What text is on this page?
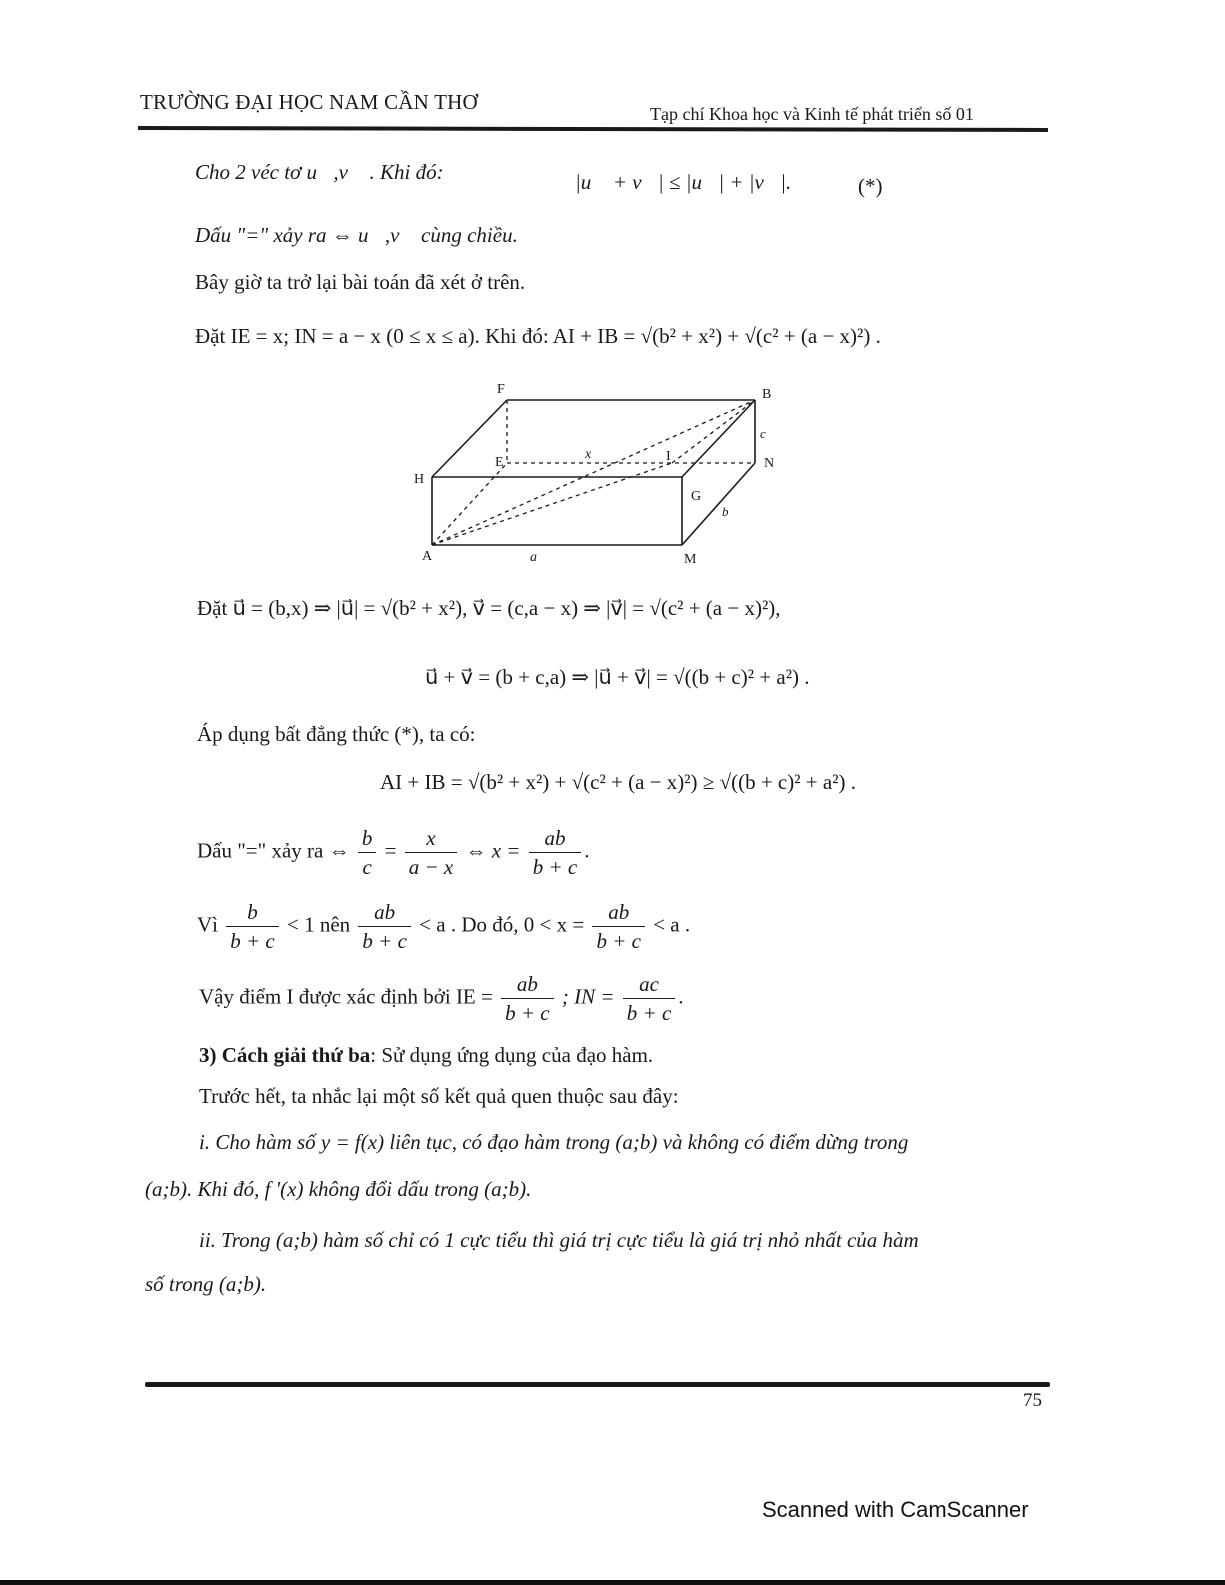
TRƯỜNG ĐẠI HỌC NAM CẦN THƠ	Tạp chí Khoa học và Kinh tế phát triển số 01
Cho 2 véc tơ u⃗,v⃗ . Khi đó:	|u⃗ + v⃗| ≤ |u⃗| + |v⃗|.	(*)
Dấu "=" xảy ra ⇔ u⃗,v⃗ cùng chiều.
Bây giờ ta trở lại bài toán đã xét ở trên.
Đặt IE = x; IN = a − x (0 ≤ x ≤ a). Khi đó: AI + IB = √(b² + x²) + √(c² + (a − x)²) .
F	B
c
E
x	I	N
H
G
b
A	a	M
Đặt u⃗ = (b,x) ⇒ |u⃗| = √(b² + x²), v⃗ = (c,a − x) ⇒ |v⃗| = √(c² + (a − x)²),
u⃗ + v⃗ = (b + c,a) ⇒ |u⃗ + v⃗| = √((b + c)² + a²) .
Áp dụng bất đẳng thức (*), ta có:
AI + IB = √(b² + x²) + √(c² + (a − x)²) ≥ √((b + c)² + a²) .
Dấu "=" xảy ra ⇔ $\frac{b}{c} = \frac{x}{a - x}$ ⇔ $x = \frac{ab}{b + c}$ .
Vì $\frac{b}{b + c} < 1$ nên $\frac{ab}{b + c} < a$ . Do đó, $0 < x = \frac{ab}{b + c} < a$ .
Vậy điểm I được xác định bởi IE = $\frac{ab}{b + c}$ ; IN = $\frac{ac}{b + c}$ .
3) Cách giải thứ ba: Sử dụng ứng dụng của đạo hàm.
Trước hết, ta nhắc lại một số kết quả quen thuộc sau đây:
i. Cho hàm số y = f(x) liên tục, có đạo hàm trong (a;b) và không có điểm dừng trong
(a;b). Khi đó, f '(x) không đổi dấu trong (a;b).
ii. Trong (a;b) hàm số chỉ có 1 cực tiểu thì giá trị cực tiểu là giá trị nhỏ nhất của hàm
số trong (a;b).
75
Scanned with CamScanner
